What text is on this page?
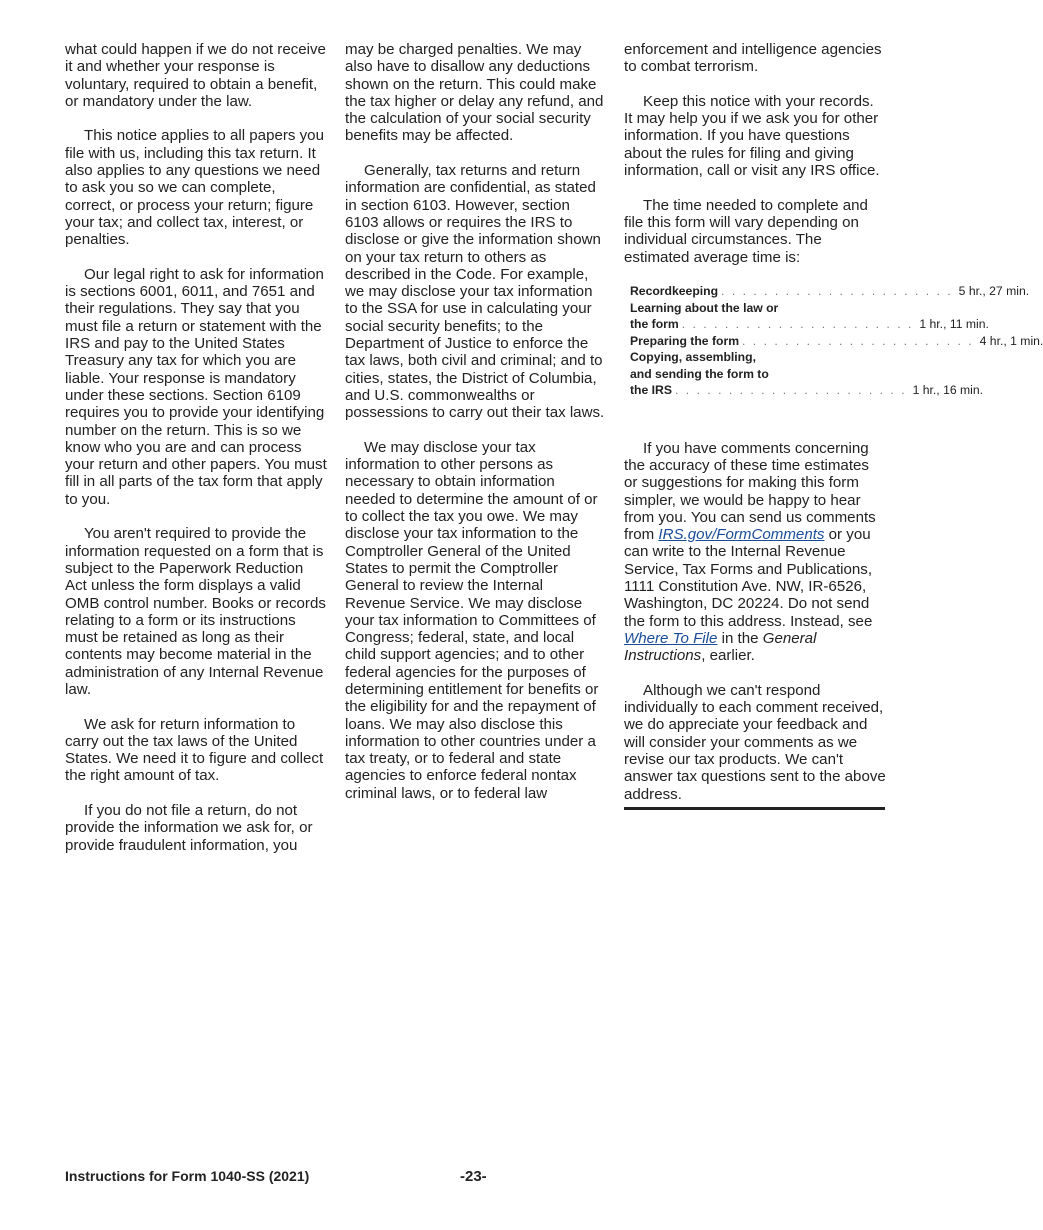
what could happen if we do not receive it and whether your response is voluntary, required to obtain a benefit, or mandatory under the law.

This notice applies to all papers you file with us, including this tax return. It also applies to any questions we need to ask you so we can complete, correct, or process your return; figure your tax; and collect tax, interest, or penalties.

Our legal right to ask for information is sections 6001, 6011, and 7651 and their regulations. They say that you must file a return or statement with the IRS and pay to the United States Treasury any tax for which you are liable. Your response is mandatory under these sections. Section 6109 requires you to provide your identifying number on the return. This is so we know who you are and can process your return and other papers. You must fill in all parts of the tax form that apply to you.

You aren't required to provide the information requested on a form that is subject to the Paperwork Reduction Act unless the form displays a valid OMB control number. Books or records relating to a form or its instructions must be retained as long as their contents may become material in the administration of any Internal Revenue law.

We ask for return information to carry out the tax laws of the United States. We need it to figure and collect the right amount of tax.

If you do not file a return, do not provide the information we ask for, or provide fraudulent information, you

may be charged penalties. We may also have to disallow any deductions shown on the return. This could make the tax higher or delay any refund, and the calculation of your social security benefits may be affected.

Generally, tax returns and return information are confidential, as stated in section 6103. However, section 6103 allows or requires the IRS to disclose or give the information shown on your tax return to others as described in the Code. For example, we may disclose your tax information to the SSA for use in calculating your social security benefits; to the Department of Justice to enforce the tax laws, both civil and criminal; and to cities, states, the District of Columbia, and U.S. commonwealths or possessions to carry out their tax laws.

We may disclose your tax information to other persons as necessary to obtain information needed to determine the amount of or to collect the tax you owe. We may disclose your tax information to the Comptroller General of the United States to permit the Comptroller General to review the Internal Revenue Service. We may disclose your tax information to Committees of Congress; federal, state, and local child support agencies; and to other federal agencies for the purposes of determining entitlement for benefits or the eligibility for and the repayment of loans. We may also disclose this information to other countries under a tax treaty, or to federal and state agencies to enforce federal nontax criminal laws, or to federal law

enforcement and intelligence agencies to combat terrorism.

Keep this notice with your records. It may help you if we ask you for other information. If you have questions about the rules for filing and giving information, call or visit any IRS office.

The time needed to complete and file this form will vary depending on individual circumstances. The estimated average time is:

Recordkeeping . . . . . . . . . . . . . . . . . . . . . . 5 hr., 27 min.
Learning about the law or
the form . . . . . . . . . . . . . . . . . . . . . . 1 hr., 11 min.
Preparing the form . . . . . . . . . . . . . . . . . . . . . . 4 hr., 1 min.
Copying, assembling,
and sending the form to
the IRS . . . . . . . . . . . . . . . . . . . . . . 1 hr., 16 min.

If you have comments concerning the accuracy of these time estimates or suggestions for making this form simpler, we would be happy to hear from you. You can send us comments from IRS.gov/FormComments or you can write to the Internal Revenue Service, Tax Forms and Publications, 1111 Constitution Ave. NW, IR-6526, Washington, DC 20224. Do not send the form to this address. Instead, see Where To File in the General Instructions, earlier.

Although we can't respond individually to each comment received, we do appreciate your feedback and will consider your comments as we revise our tax products. We can't answer tax questions sent to the above address.

Instructions for Form 1040-SS (2021)	-23-
